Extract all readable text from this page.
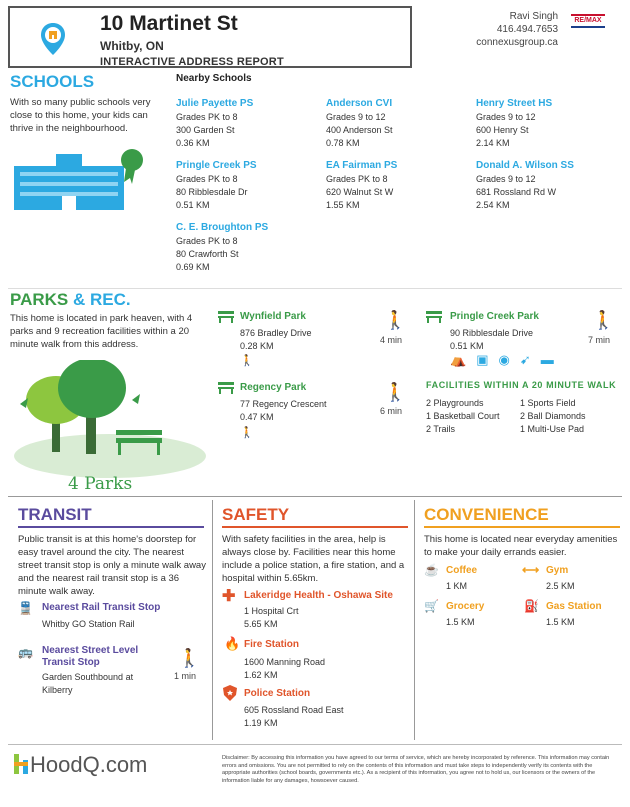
10 Martinet St
Whitby, ON
INTERACTIVE ADDRESS REPORT
Ravi Singh
416.494.7653
connexusgroup.ca
RE/MAX
SCHOOLS
With so many public schools very close to this home, your kids can thrive in the neighbourhood.
Nearby Schools
Julie Payette PS
Grades PK to 8
300 Garden St
0.36 KM
Anderson CVI
Grades 9 to 12
400 Anderson St
0.78 KM
Henry Street HS
Grades 9 to 12
600 Henry St
2.14 KM
Pringle Creek PS
Grades PK to 8
80 Ribblesdale Dr
0.51 KM
EA Fairman PS
Grades PK to 8
620 Walnut St W
1.55 KM
Donald A. Wilson SS
Grades 9 to 12
681 Rossland Rd W
2.54 KM
C. E. Broughton PS
Grades PK to 8
80 Crawforth St
0.69 KM
PARKS & REC.
This home is located in park heaven, with 4 parks and 9 recreation facilities within a 20 minute walk from this address.
4 Parks
Wynfield Park
876 Bradley Drive
0.28 KM
🚶
🚶
4 min
Regency Park
77 Regency Crescent
0.47 KM
🚶
🚶
6 min
Pringle Creek Park
90 Ribblesdale Drive
0.51 KM
🚶
7 min
⛺▣◉➹▬
FACILITIES WITHIN A 20 MINUTE WALK
2 Playgrounds
1 Basketball Court
2 Trails
1 Sports Field
2 Ball Diamonds
1 Multi-Use Pad
TRANSIT
Public transit is at this home's doorstep for easy travel around the city. The nearest street transit stop is only a minute walk away and the nearest rail transit stop is a 36 minute walk away.
🚆 Nearest Rail Transit Stop
Whitby GO Station Rail
🚌 Nearest Street Level
Transit Stop
Garden Southbound at
Kilberry
🚶
1 min
SAFETY
With safety facilities in the area, help is always close by. Facilities near this home include a police station, a fire station, and a hospital within 5.65km.
✚ Lakeridge Health - Oshawa Site
1 Hospital Crt
5.65 KM
🔥 Fire Station
1600 Manning Road
1.62 KM
Police Station
605 Rossland Road East
1.19 KM
CONVENIENCE
This home is located near everyday amenities to make your daily errands easier.
☕ Coffee
1 KM
⟷ Gym
2.5 KM
🛒 Grocery
1.5 KM
⛽ Gas Station
1.5 KM
HoodQ.com	Disclaimer: By accessing this information you have agreed to our terms of service, which are hereby incorporated by reference. This information may contain errors and omissions. You are not permitted to rely on the contents of this information and must take steps to independently verify its contents with the appropriate authorities (school boards, governments etc.). As a recipient of this information, you agree not to hold us, our licensors or the owners of the information liable for any damages, howsoever caused.
